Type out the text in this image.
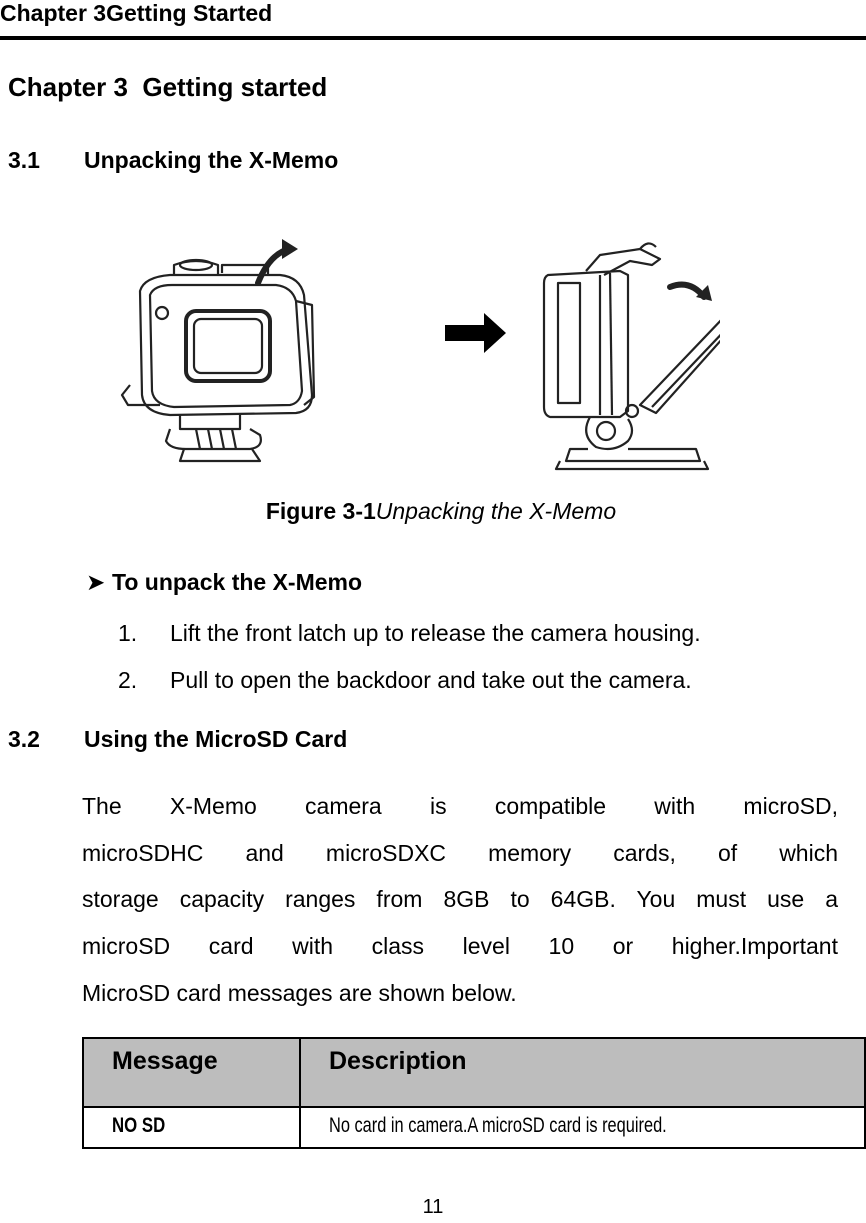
Chapter 3Getting Started
Chapter 3  Getting started
3.1 Unpacking the X-Memo
Figure 3-1Unpacking the X-Memo
➤ To unpack the X-Memo
1. Lift the front latch up to release the camera housing.
2. Pull to open the backdoor and take out the camera.
3.2 Using the MicroSD Card
The X-Memo camera is compatible with microSD,
microSDHC and microSDXC memory cards, of which
storage capacity ranges from 8GB to 64GB. You must use a
microSD card with class level 10 or higher.Important
MicroSD card messages are shown below.
Message	Description
NO SD	No card in camera.A microSD card is required.
11
